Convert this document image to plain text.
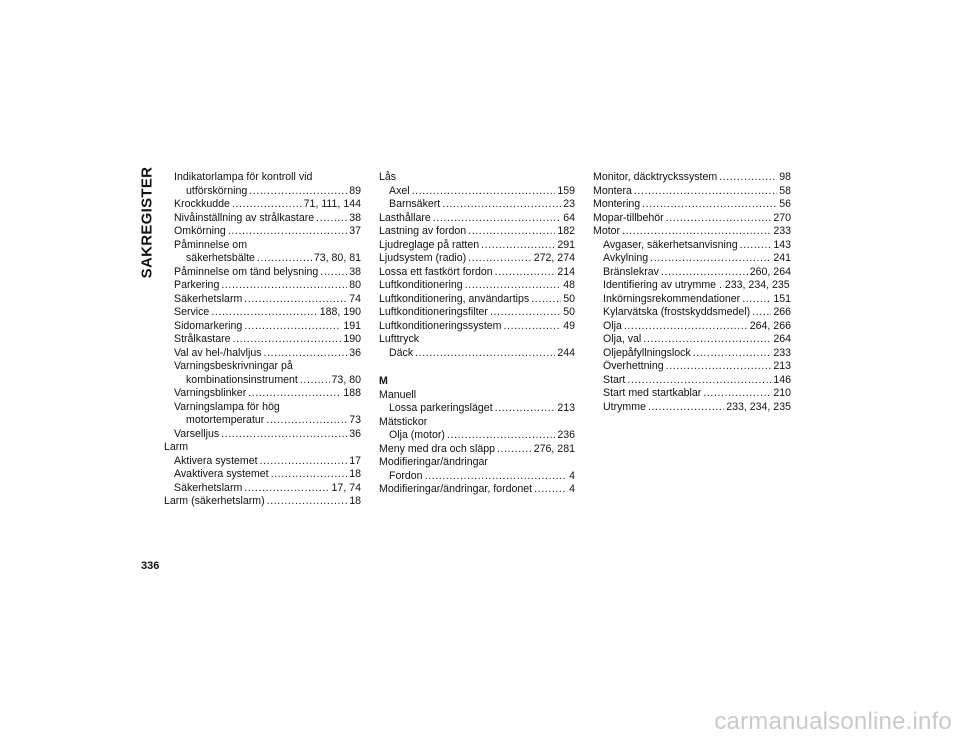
SAKREGISTER Indikatorlampa för kontroll vid
utförskörning .....	89
Krockkudde .....	71, 111, 144
Nivåinställning av strålkastare .....	38
Omkörning .....	37
Påminnelse om
säkerhetsbälte .....	73, 80, 81
Påminnelse om tänd belysning .....	38
Parkering .....	80
Säkerhetslarm .....	74
Service .....	188, 190
Sidomarkering .....	191
Strålkastare .....	190
Val av hel-/halvljus .....	36
Varningsbeskrivningar på
kombinationsinstrument .....	73, 80
Varningsblinker .....	188
Varningslampa för hög
motortemperatur .....	73
Varselljus .....	36
Larm
Aktivera systemet .....	17
Avaktivera systemet .....	18
Säkerhetslarm .....	17, 74
Larm (säkerhetslarm) .....	18
Lås
Axel .....	159
Barnsäkert .....	23
Lasthållare .....	64
Lastning av fordon .....	182
Ljudreglage på ratten .....	291
Ljudsystem (radio) .....	272, 274
Lossa ett fastkört fordon .....	214
Luftkonditionering .....	48
Luftkonditionering, användartips .....	50
Luftkonditioneringsfilter .....	50
Luftkonditioneringssystem .....	49
Lufttryck
Däck .....	244
M
Manuell
Lossa parkeringsläget .....	213
Mätstickor
Olja (motor) .....	236
Meny med dra och släpp .....	276, 281
Modifieringar/ändringar
Fordon .....	4
Modifieringar/ändringar, fordonet .....	4
Monitor, däcktryckssystem .....	98
Montera .....	58
Montering .....	56
Mopar-tillbehör .....	270
Motor .....	233
Avgaser, säkerhetsanvisning .....	143
Avkylning .....	241
Bränslekrav .....	260, 264
Identifiering av utrymme . 233, 234, 235
Inkörningsrekommendationer .....	151
Kylarvätska (frostskyddsmedel) ..... 266
Olja .....	264, 266
Olja, val .....	264
Oljepåfyllningslock .....	233
Överhettning .....	213
Start .....	146
Start med startkablar .....	210
Utrymme .....	233, 234, 235
336
carmanualsonline.info
